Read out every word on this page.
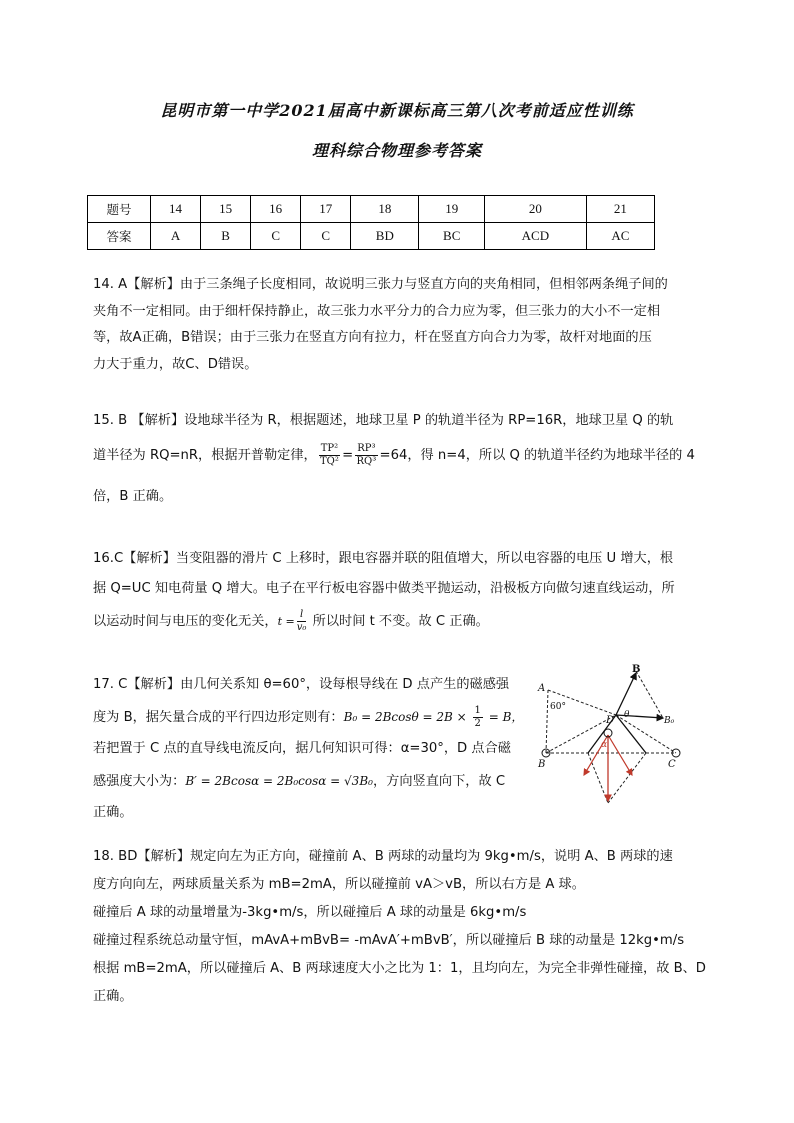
昆明市第一中学2021届高中新课标高三第八次考前适应性训练
理科综合物理参考答案
题号	14	15	16	17	18	19	20	21
答案	A	B	C	C	BD	BC	ACD	AC
14. A【解析】由于三条绳子长度相同，故说明三张力与竖直方向的夹角相同，但相邻两条绳子间的
夹角不一定相同。由于细杆保持静止，故三张力水平分力的合力应为零，但三张力的大小不一定相
等，故A正确，B错误；由于三张力在竖直方向有拉力，杆在竖直方向合力为零，故杆对地面的压
力大于重力，故C、D错误。
15. B 【解析】设地球半径为 R，根据题述，地球卫星 P 的轨道半径为 RP=16R，地球卫星 Q 的轨
道半径为 RQ=nR，根据开普勒定律， $\frac{\text{TP²}}{\text{TQ²}} = \frac{\text{RP³}}{\text{RQ³}} =64$，得 n=4，所以 Q 的轨道半径约为地球半径的 4
倍，B 正确。
16.C【解析】当变阻器的滑片 C 上移时，跟电容器并联的阻值增大，所以电容器的电压 U 增大，根
据 Q=UC 知电荷量 Q 增大。电子在平行板电容器中做类平抛运动，沿极板方向做匀速直线运动，所
以运动时间与电压的变化无关，$t = \frac{l}{\text{v₀}}$ 所以时间 t 不变。故 C 正确。
17. C【解析】由几何关系知 θ=60°，设每根导线在 D 点产生的磁感强
度为 B，据矢量合成的平行四边形定则有：$B_0 = 2Bcos\theta = 2B \times \frac{1}{2} = B$，
若把置于 C 点的直导线电流反向，据几何知识可得：α=30°，D 点合磁
感强度大小为：B′ = 2Bcosα = 2B₀cosα = √3B₀，方向竖直向下，故 C
正确。
A
B	C
D
60°
θ
α
B
B₀
18. BD【解析】规定向左为正方向，碰撞前 A、B 两球的动量均为 9kg•m/s，说明 A、B 两球的速
度方向向左，两球质量关系为 mB=2mA，所以碰撞前 vA＞vB，所以右方是 A 球。
碰撞后 A 球的动量增量为-3kg•m/s，所以碰撞后 A 球的动量是 6kg•m/s
碰撞过程系统总动量守恒，mAvA+mBvB= -mAvA′+mBvB′，所以碰撞后 B 球的动量是 12kg•m/s
根据 mB=2mA，所以碰撞后 A、B 两球速度大小之比为 1：1，且均向左，为完全非弹性碰撞，故 B、D
正确。
